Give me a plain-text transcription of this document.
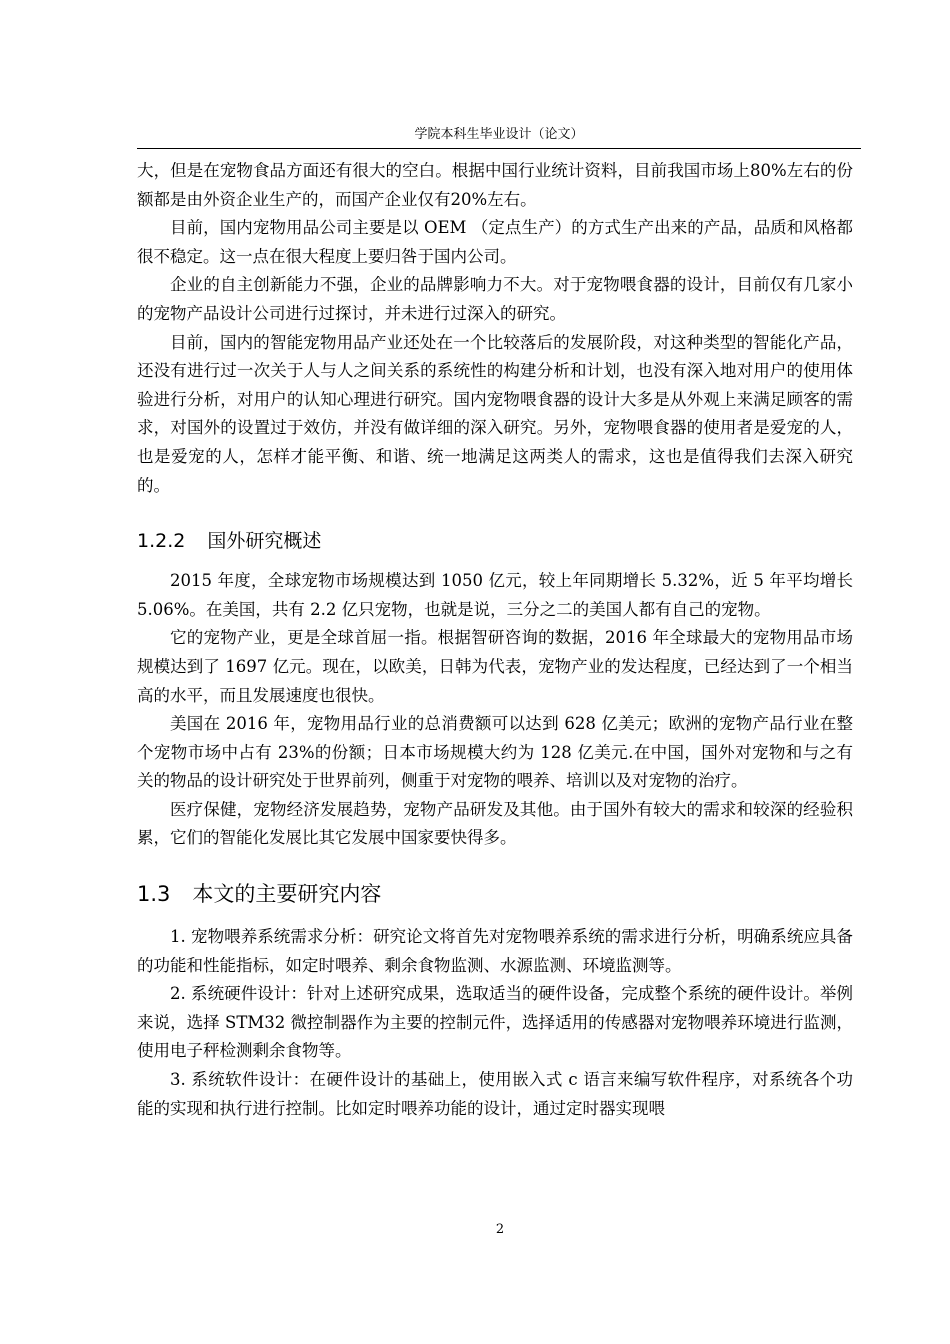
学院本科生毕业设计（论文）

大，但是在宠物食品方面还有很大的空白。根据中国行业统计资料，目前我国市场上80%左右的份额都是由外资企业生产的，而国产企业仅有20%左右。

目前，国内宠物用品公司主要是以 OEM （定点生产）的方式生产出来的产品，品质和风格都很不稳定。这一点在很大程度上要归咎于国内公司。

企业的自主创新能力不强，企业的品牌影响力不大。对于宠物喂食器的设计，目前仅有几家小的宠物产品设计公司进行过探讨，并未进行过深入的研究。

目前，国内的智能宠物用品产业还处在一个比较落后的发展阶段，对这种类型的智能化产品，还没有进行过一次关于人与人之间关系的系统性的构建分析和计划，也没有深入地对用户的使用体验进行分析，对用户的认知心理进行研究。国内宠物喂食器的设计大多是从外观上来满足顾客的需求，对国外的设置过于效仿，并没有做详细的深入研究。另外，宠物喂食器的使用者是爱宠的人，也是爱宠的人，怎样才能平衡、和谐、统一地满足这两类人的需求，这也是值得我们去深入研究的。

1.2.2 国外研究概述

2015 年度，全球宠物市场规模达到 1050 亿元，较上年同期增长 5.32%，近 5 年平均增长 5.06%。在美国，共有 2.2 亿只宠物，也就是说，三分之二的美国人都有自己的宠物。

它的宠物产业，更是全球首屈一指。根据智研咨询的数据，2016 年全球最大的宠物用品市场规模达到了 1697 亿元。现在，以欧美，日韩为代表，宠物产业的发达程度，已经达到了一个相当高的水平，而且发展速度也很快。

美国在 2016 年，宠物用品行业的总消费额可以达到 628 亿美元；欧洲的宠物产品行业在整个宠物市场中占有 23%的份额；日本市场规模大约为 128 亿美元.在中国，国外对宠物和与之有关的物品的设计研究处于世界前列，侧重于对宠物的喂养、培训以及对宠物的治疗。

医疗保健，宠物经济发展趋势，宠物产品研发及其他。由于国外有较大的需求和较深的经验积累，它们的智能化发展比其它发展中国家要快得多。

1.3 本文的主要研究内容

1. 宠物喂养系统需求分析：研究论文将首先对宠物喂养系统的需求进行分析，明确系统应具备的功能和性能指标，如定时喂养、剩余食物监测、水源监测、环境监测等。

2. 系统硬件设计：针对上述研究成果，选取适当的硬件设备，完成整个系统的硬件设计。举例来说，选择 STM32 微控制器作为主要的控制元件，选择适用的传感器对宠物喂养环境进行监测，使用电子秤检测剩余食物等。

3. 系统软件设计：在硬件设计的基础上，使用嵌入式 c 语言来编写软件程序，对系统各个功能的实现和执行进行控制。比如定时喂养功能的设计，通过定时器实现喂

2
